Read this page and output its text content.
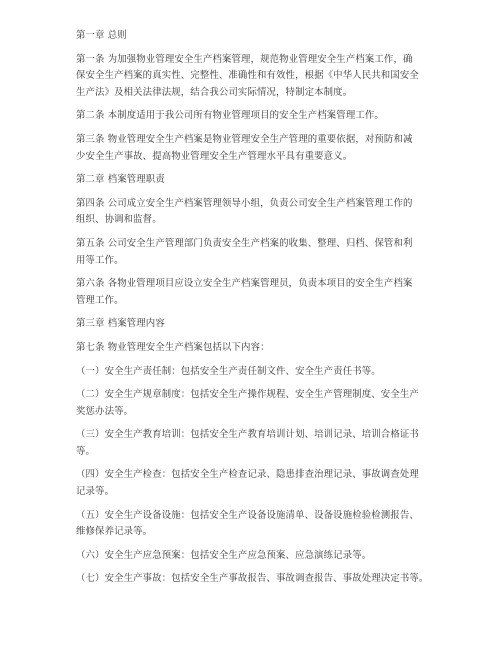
第一章 总则

第一条 为加强物业管理安全生产档案管理，规范物业管理安全生产档案工作，确
保安全生产档案的真实性、完整性、准确性和有效性，根据《中华人民共和国安全
生产法》及相关法律法规，结合我公司实际情况，特制定本制度。

第二条 本制度适用于我公司所有物业管理项目的安全生产档案管理工作。

第三条 物业管理安全生产档案是物业管理安全生产管理的重要依据，对预防和减
少安全生产事故、提高物业管理安全生产管理水平具有重要意义。

第二章 档案管理职责

第四条 公司成立安全生产档案管理领导小组，负责公司安全生产档案管理工作的
组织、协调和监督。

第五条 公司安全生产管理部门负责安全生产档案的收集、整理、归档、保管和利
用等工作。

第六条 各物业管理项目应设立安全生产档案管理员，负责本项目的安全生产档案
管理工作。

第三章 档案管理内容

第七条 物业管理安全生产档案包括以下内容：

（一）安全生产责任制：包括安全生产责任制文件、安全生产责任书等。

（二）安全生产规章制度：包括安全生产操作规程、安全生产管理制度、安全生产
奖惩办法等。

（三）安全生产教育培训：包括安全生产教育培训计划、培训记录、培训合格证书
等。

（四）安全生产检查：包括安全生产检查记录、隐患排查治理记录、事故调查处理
记录等。

（五）安全生产设备设施：包括安全生产设备设施清单、设备设施检验检测报告、
维修保养记录等。

（六）安全生产应急预案：包括安全生产应急预案、应急演练记录等。

（七）安全生产事故：包括安全生产事故报告、事故调查报告、事故处理决定书等。
